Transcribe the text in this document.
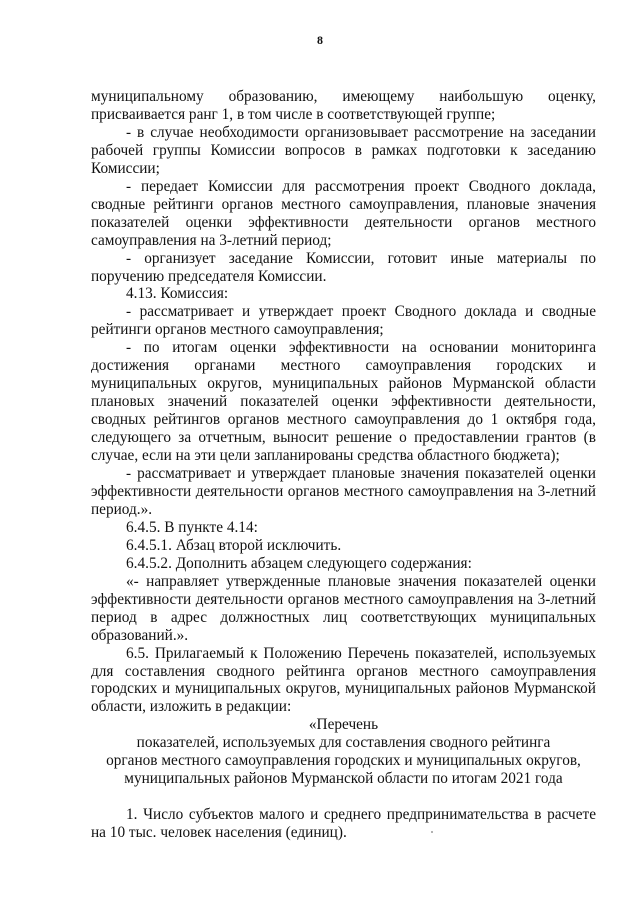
8

муниципальному образованию, имеющему наибольшую оценку, присваивается ранг 1, в том числе в соответствующей группе;

- в случае необходимости организовывает рассмотрение на заседании рабочей группы Комиссии вопросов в рамках подготовки к заседанию Комиссии;

- передает Комиссии для рассмотрения проект Сводного доклада, сводные рейтинги органов местного самоуправления, плановые значения показателей оценки эффективности деятельности органов местного самоуправления на 3-летний период;

- организует заседание Комиссии, готовит иные материалы по поручению председателя Комиссии.

4.13. Комиссия:

- рассматривает и утверждает проект Сводного доклада и сводные рейтинги органов местного самоуправления;

- по итогам оценки эффективности на основании мониторинга достижения органами местного самоуправления городских и муниципальных округов, муниципальных районов Мурманской области плановых значений показателей оценки эффективности деятельности, сводных рейтингов органов местного самоуправления до 1 октября года, следующего за отчетным, выносит решение о предоставлении грантов (в случае, если на эти цели запланированы средства областного бюджета);

- рассматривает и утверждает плановые значения показателей оценки эффективности деятельности органов местного самоуправления на 3-летний период.».

6.4.5. В пункте 4.14:

6.4.5.1. Абзац второй исключить.

6.4.5.2. Дополнить абзацем следующего содержания:

«- направляет утвержденные плановые значения показателей оценки эффективности деятельности органов местного самоуправления на 3-летний период в адрес должностных лиц соответствующих муниципальных образований.».

6.5. Прилагаемый к Положению Перечень показателей, используемых для составления сводного рейтинга органов местного самоуправления городских и муниципальных округов, муниципальных районов Мурманской области, изложить в редакции:

«Перечень

показателей, используемых для составления сводного рейтинга
органов местного самоуправления городских и муниципальных округов,
муниципальных районов Мурманской области по итогам 2021 года

1. Число субъектов малого и среднего предпринимательства в расчете на 10 тыс. человек населения (единиц).
